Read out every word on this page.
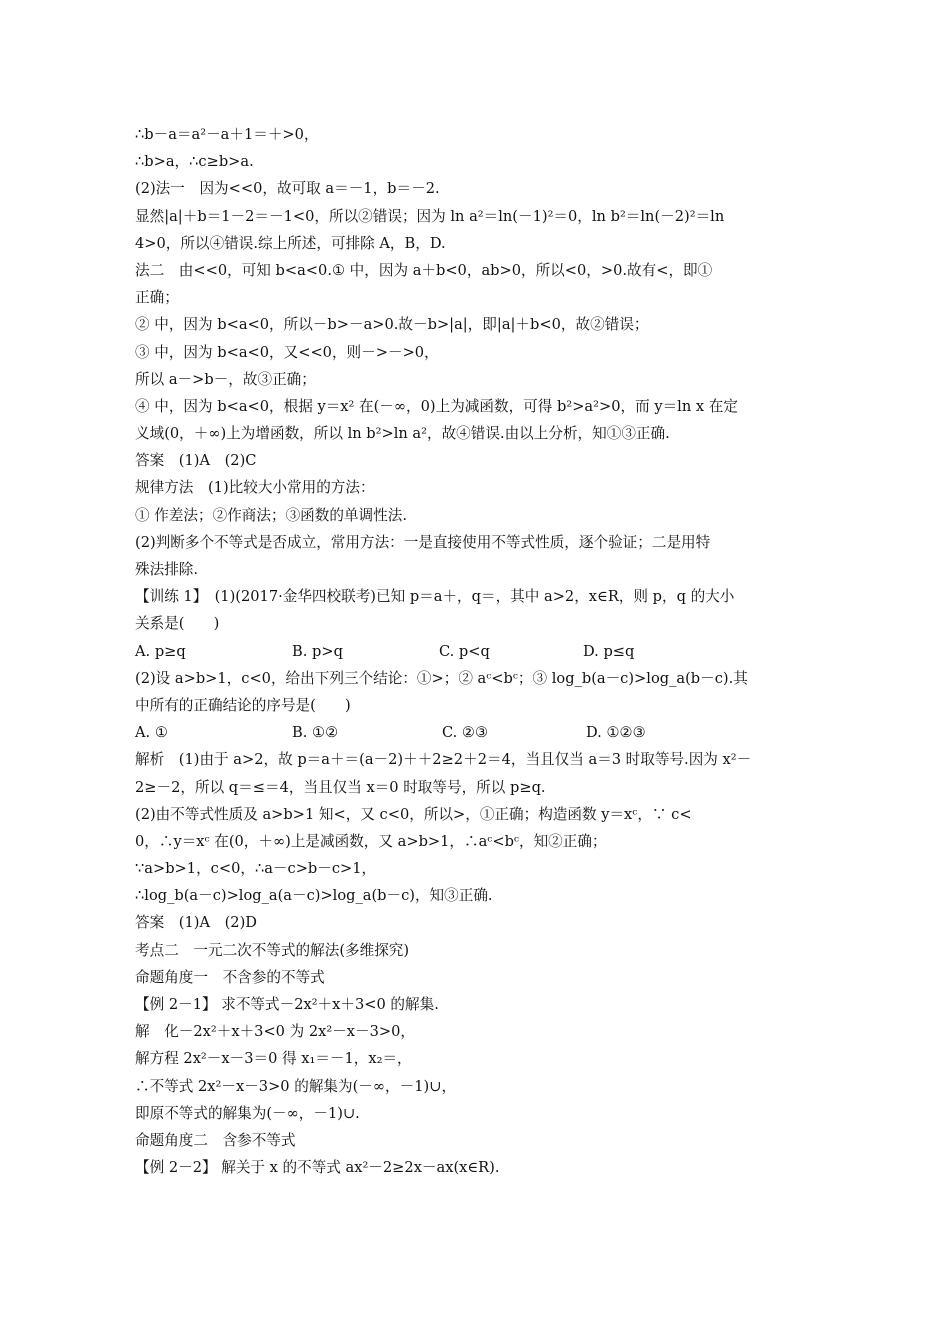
∴b－a＝a²－a＋1＝＋>0，
∴b>a，∴c≥b>a.
(2)法一　因为<<0，故可取 a＝－1，b＝－2.
显然|a|＋b＝1－2＝－1<0，所以②错误；因为 ln a²＝ln(－1)²＝0，ln b²＝ln(－2)²＝ln
4>0，所以④错误.综上所述，可排除 A，B，D.
法二　由<<0，可知 b<a<0.① 中，因为 a＋b<0，ab>0，所以<0，>0.故有<，即①
正确；
② 中，因为 b<a<0，所以－b>－a>0.故－b>|a|，即|a|＋b<0，故②错误；
③ 中，因为 b<a<0，又<<0，则－>－>0，
所以 a－>b－，故③正确；
④ 中，因为 b<a<0，根据 y＝x² 在(－∞，0)上为减函数，可得 b²>a²>0，而 y＝ln x 在定
义域(0，＋∞)上为增函数，所以 ln b²>ln a²，故④错误.由以上分析，知①③正确.
答案　(1)A　(2)C
规律方法　(1)比较大小常用的方法：
① 作差法；②作商法；③函数的单调性法.
(2)判断多个不等式是否成立，常用方法：一是直接使用不等式性质，逐个验证；二是用特
殊法排除.
【训练 1】　(1)(2017·金华四校联考)已知 p＝a＋，q＝，其中 a>2，x∈R，则 p，q 的大小
关系是(　　)
A. p≥q	B. p>q	C. p<q	D. p≤q
(2)设 a>b>1，c<0，给出下列三个结论：①>；② aᶜ<bᶜ；③ log_b(a－c)>log_a(b－c).其
中所有的正确结论的序号是(　　)
A. ①	B. ①②	C. ②③	D. ①②③
解析　(1)由于 a>2，故 p＝a＋＝(a－2)＋＋2≥2＋2＝4，当且仅当 a＝3 时取等号.因为 x²－
2≥－2，所以 q＝≤＝4，当且仅当 x＝0 时取等号，所以 p≥q.
(2)由不等式性质及 a>b>1 知<，又 c<0，所以>，①正确；构造函数 y＝xᶜ，∵ c<
0，∴y＝xᶜ 在(0，＋∞)上是减函数，又 a>b>1，∴aᶜ<bᶜ，知②正确；
∵a>b>1，c<0，∴a－c>b－c>1，
∴log_b(a－c)>log_a(a－c)>log_a(b－c)，知③正确.
答案　(1)A　(2)D
考点二　一元二次不等式的解法(多维探究)
命题角度一　不含参的不等式
【例 2－1】 求不等式－2x²＋x＋3<0 的解集.
解　化－2x²＋x＋3<0 为 2x²－x－3>0，
解方程 2x²－x－3＝0 得 x₁＝－1，x₂＝，
∴不等式 2x²－x－3>0 的解集为(－∞，－1)∪，
即原不等式的解集为(－∞，－1)∪.
命题角度二　含参不等式
【例 2－2】 解关于 x 的不等式 ax²－2≥2x－ax(x∈R).
